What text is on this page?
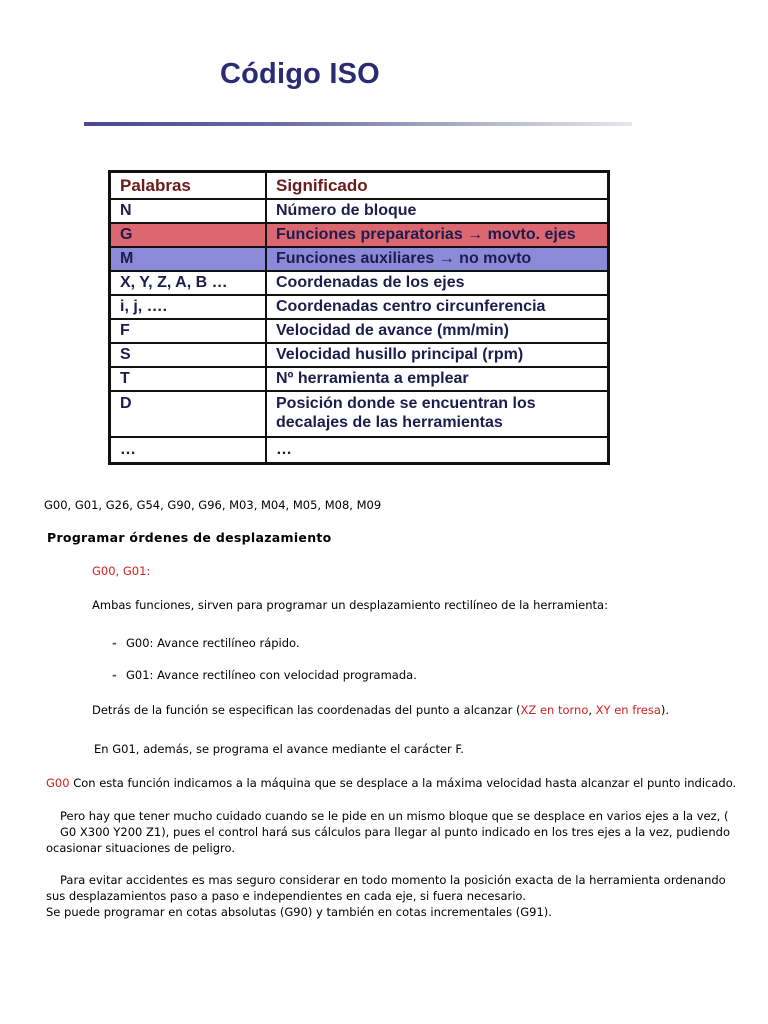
Código ISO
Palabras	Significado
N	Número de bloque
G	Funciones preparatorias → movto. ejes
M	Funciones auxiliares → no movto
X, Y, Z, A, B …	Coordenadas de los ejes
i, j, ….	Coordenadas centro circunferencia
F	Velocidad de avance (mm/min)
S	Velocidad husillo principal (rpm)
T	Nº herramienta a emplear
D	Posición donde se encuentran los
decalajes de las herramientas
…	…
G00, G01, G26, G54, G90, G96, M03, M04, M05, M08, M09
Programar órdenes de desplazamiento
G00, G01:
Ambas funciones, sirven para programar un desplazamiento rectilíneo de la herramienta:
- G00: Avance rectilíneo rápido.
- G01: Avance rectilíneo con velocidad programada.
Detrás de la función se especifican las coordenadas del punto a alcanzar (XZ en torno, XY en fresa).
En G01, además, se programa el avance mediante el carácter F.
G00 Con esta función indicamos a la máquina que se desplace a la máxima velocidad hasta alcanzar el punto indicado.
Pero hay que tener mucho cuidado cuando se le pide en un mismo bloque que se desplace en varios ejes a la vez, (
G0 X300 Y200 Z1), pues el control hará sus cálculos para llegar al punto indicado en los tres ejes a la vez, pudiendo
ocasionar situaciones de peligro.
Para evitar accidentes es mas seguro considerar en todo momento la posición exacta de la herramienta ordenando
sus desplazamientos paso a paso e independientes en cada eje, si fuera necesario.
Se puede programar en cotas absolutas (G90) y también en cotas incrementales (G91).
